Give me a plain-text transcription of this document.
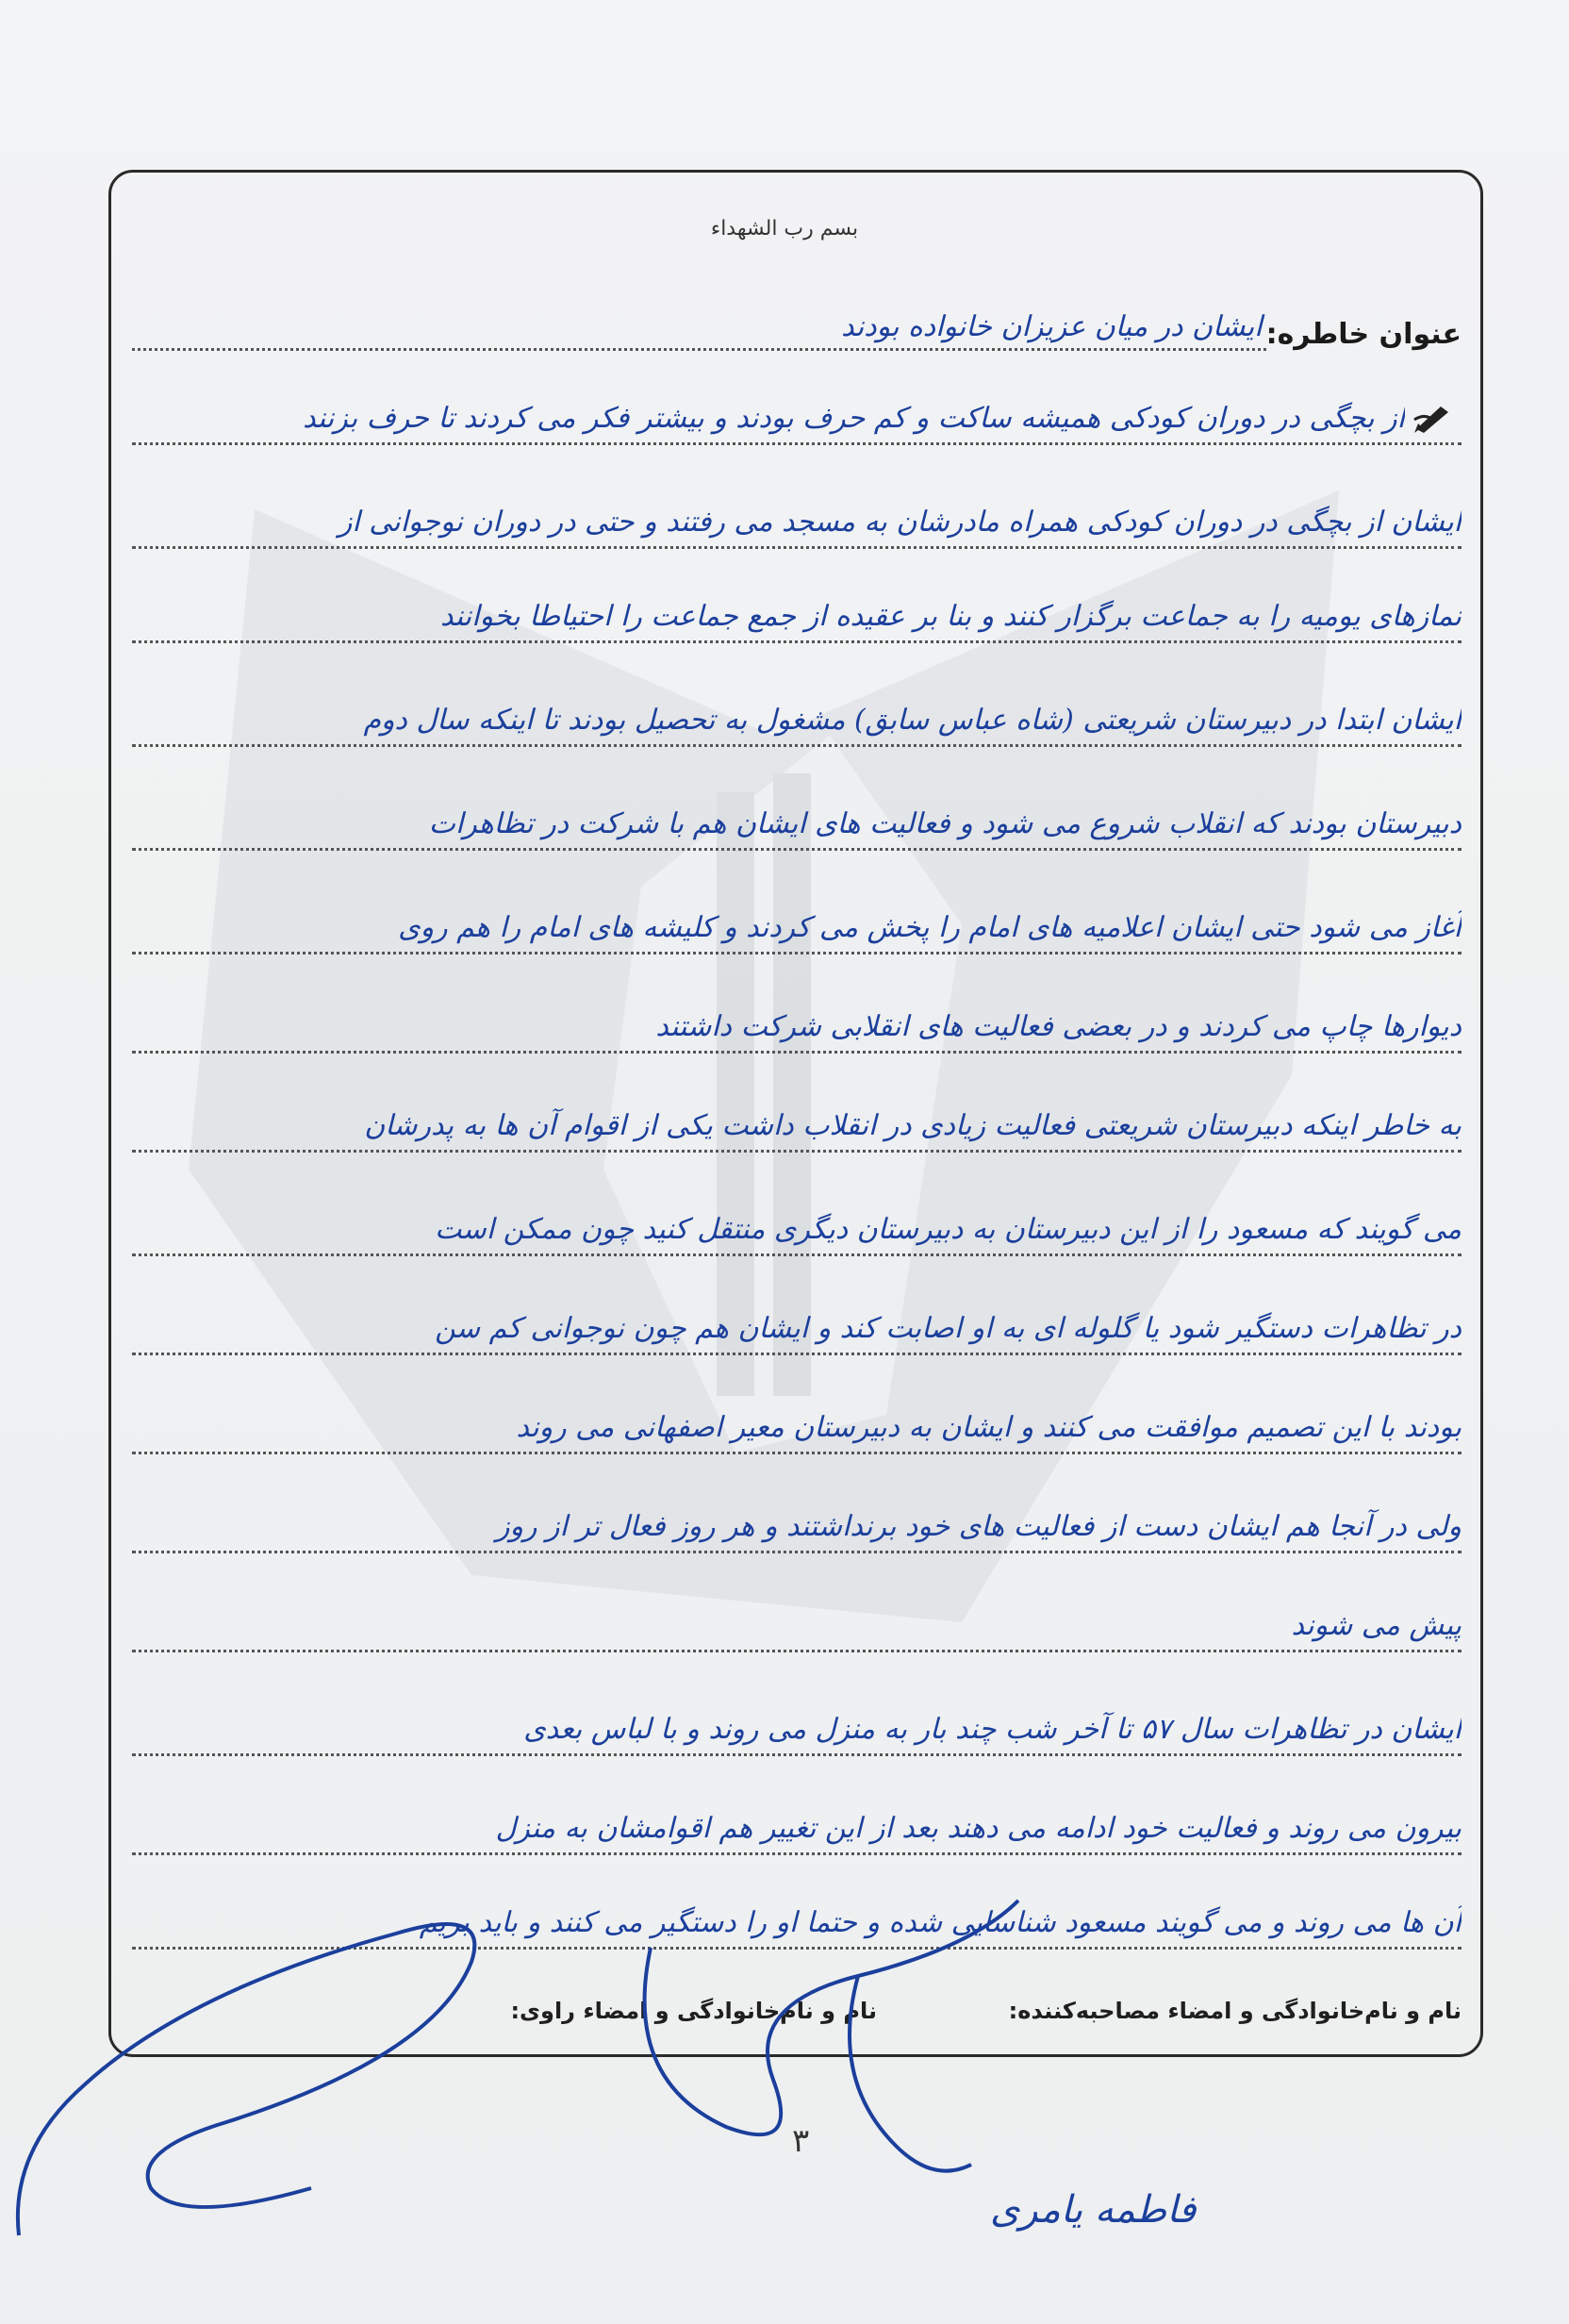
بسم رب الشهداء
عنوان خاطره:
ایشان در میان عزیزان خانواده بودند
از بچگی در دوران کودکی همیشه ساکت و کم حرف بودند و بیشتر فکر می کردند تا حرف بزنند
ایشان از بچگی در دوران کودکی همراه مادرشان به مسجد می رفتند و حتی در دوران نوجوانی از
نمازهای یومیه را به جماعت برگزار کنند و بنا بر عقیده از جمع جماعت را احتیاطا بخوانند
ایشان ابتدا در دبیرستان شریعتی (شاه عباس سابق) مشغول به تحصیل بودند تا اینکه سال دوم
دبیرستان بودند که انقلاب شروع می شود و فعالیت های ایشان هم با شرکت در تظاهرات
آغاز می شود حتی ایشان اعلامیه های امام را پخش می کردند و کلیشه های امام را هم روی
دیوارها چاپ می کردند و در بعضی فعالیت های انقلابی شرکت داشتند
به خاطر اینکه دبیرستان شریعتی فعالیت زیادی در انقلاب داشت یکی از اقوام آن ها به پدرشان
می گویند که مسعود را از این دبیرستان به دبیرستان دیگری منتقل کنید چون ممکن است
در تظاهرات دستگیر شود یا گلوله ای به او اصابت کند و ایشان هم چون نوجوانی کم سن
بودند با این تصمیم موافقت می کنند و ایشان به دبیرستان معیر اصفهانی می روند
ولی در آنجا هم ایشان دست از فعالیت های خود برنداشتند و هر روز فعال تر از روز
پیش می شوند
ایشان در تظاهرات سال ۵۷ تا آخر شب چند بار به منزل می روند و با لباس بعدی
بیرون می روند و فعالیت خود ادامه می دهند بعد از این تغییر هم اقوامشان به منزل
آن ها می روند و می گویند مسعود شناسایی شده و حتما او را دستگیر می کنند و باید بریم
نام و نام‌خانوادگی و امضاء مصاحبه‌کننده:
نام و نام‌خانوادگی و امضاء راوی:
۳
فاطمه یامری
